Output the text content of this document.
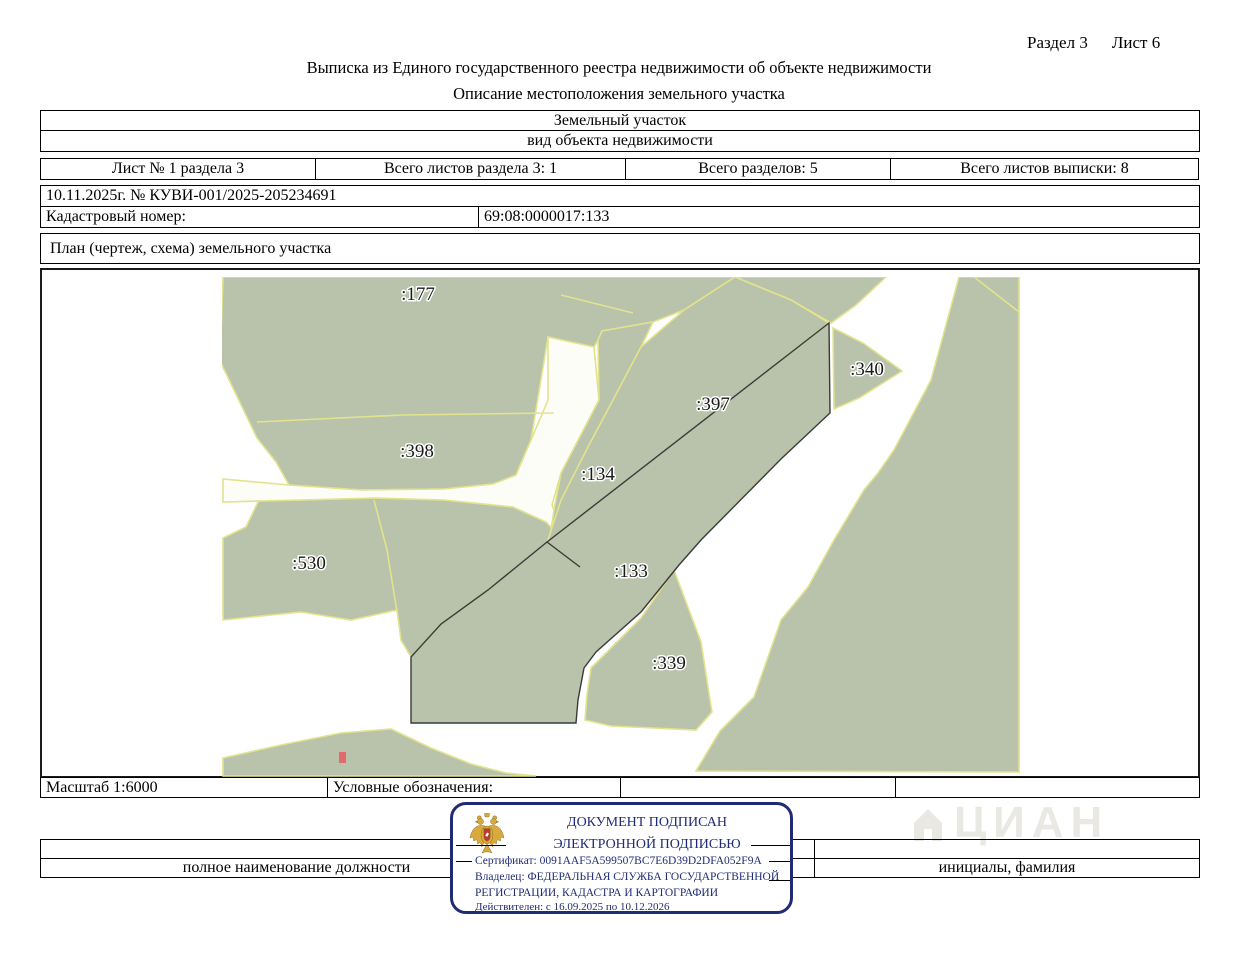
Раздел 3 Лист 6
Выписка из Единого государственного реестра недвижимости об объекте недвижимости
Описание местоположения земельного участка
Земельный участок
вид объекта недвижимости
Лист № 1 раздела 3	Всего листов раздела 3: 1	Всего разделов: 5	Всего листов выписки: 8
10.11.2025г. № КУВИ-001/2025-205234691
Кадастровый номер:	69:08:0000017:133
План (чертеж, схема) земельного участка
:177
:340
:397
:398
:134
:530	:133
:339
Масштаб 1:6000	Условные обозначения:
ЦИАН
полное наименование должности	инициалы, фамилия
ДОКУМЕНТ ПОДПИСАН
ЭЛЕКТРОННОЙ ПОДПИСЬЮ
Сертификат: 0091AAF5A599507BC7E6D39D2DFA052F9A
Владелец: ФЕДЕРАЛЬНАЯ СЛУЖБА ГОСУДАРСТВЕННОЙ
РЕГИСТРАЦИИ, КАДАСТРА И КАРТОГРАФИИ
Действителен: с 16.09.2025 по 10.12.2026
